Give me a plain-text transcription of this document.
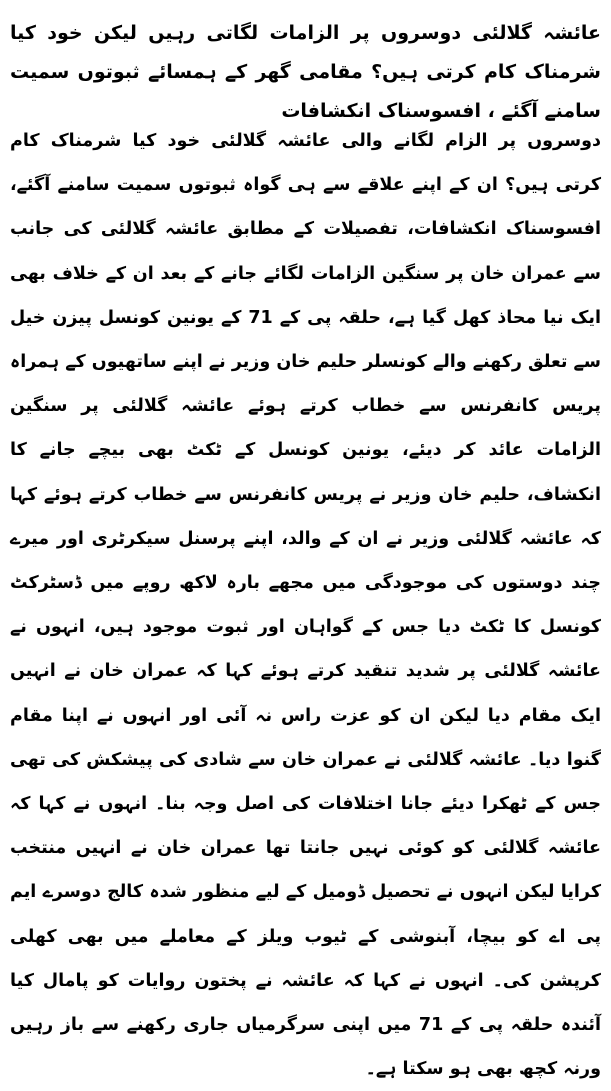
عائشہ گلالئی دوسروں پر الزامات لگاتی رہیں لیکن خود کیا شرمناک کام کرتی ہیں؟ مقامی گھر کے ہمسائے ثبوتوں سمیت سامنے آگئے ، افسوسناک انکشافات

دوسروں پر الزام لگانے والی عائشہ گلالئی خود کیا شرمناک کام کرتی ہیں؟ ان کے اپنے علاقے سے ہی گواہ ثبوتوں سمیت سامنے آگئے، افسوسناک انکشافات، تفصیلات کے مطابق عائشہ گلالئی کی جانب سے عمران خان پر سنگین الزامات لگائے جانے کے بعد ان کے خلاف بھی ایک نیا محاذ کھل گیا ہے، حلقہ پی کے 71 کے یونین کونسل پیزن خیل سے تعلق رکھنے والے کونسلر حلیم خان وزیر نے اپنے ساتھیوں کے ہمراہ پریس کانفرنس سے خطاب کرتے ہوئے عائشہ گلالئی پر سنگین الزامات عائد کر دیئے، یونین کونسل کے ٹکٹ بھی بیچے جانے کا انکشاف، حلیم خان وزیر نے پریس کانفرنس سے خطاب کرتے ہوئے کہا کہ عائشہ گلالئی وزیر نے ان کے والد، اپنے پرسنل سیکرٹری اور میرے چند دوستوں کی موجودگی میں مجھے بارہ لاکھ روپے میں ڈسٹرکٹ کونسل کا ٹکٹ دیا جس کے گواہان اور ثبوت موجود ہیں، انہوں نے عائشہ گلالئی پر شدید تنقید کرتے ہوئے کہا کہ عمران خان نے انہیں ایک مقام دیا لیکن ان کو عزت راس نہ آئی اور انہوں نے اپنا مقام گنوا دیا۔ عائشہ گلالئی نے عمران خان سے شادی کی پیشکش کی تھی جس کے ٹھکرا دیئے جانا اختلافات کی اصل وجہ بنا۔ انہوں نے کہا کہ عائشہ گلالئی کو کوئی نہیں جانتا تھا عمران خان نے انہیں منتخب کرایا لیکن انہوں نے تحصیل ڈومیل کے لیے منظور شدہ کالج دوسرے ایم پی اے کو بیچا، آبنوشی کے ٹیوب ویلز کے معاملے میں بھی کھلی کرپشن کی۔ انہوں نے کہا کہ عائشہ نے پختون روایات کو پامال کیا آئندہ حلقہ پی کے 71 میں اپنی سرگرمیاں جاری رکھنے سے باز رہیں ورنہ کچھ بھی ہو سکتا ہے۔
